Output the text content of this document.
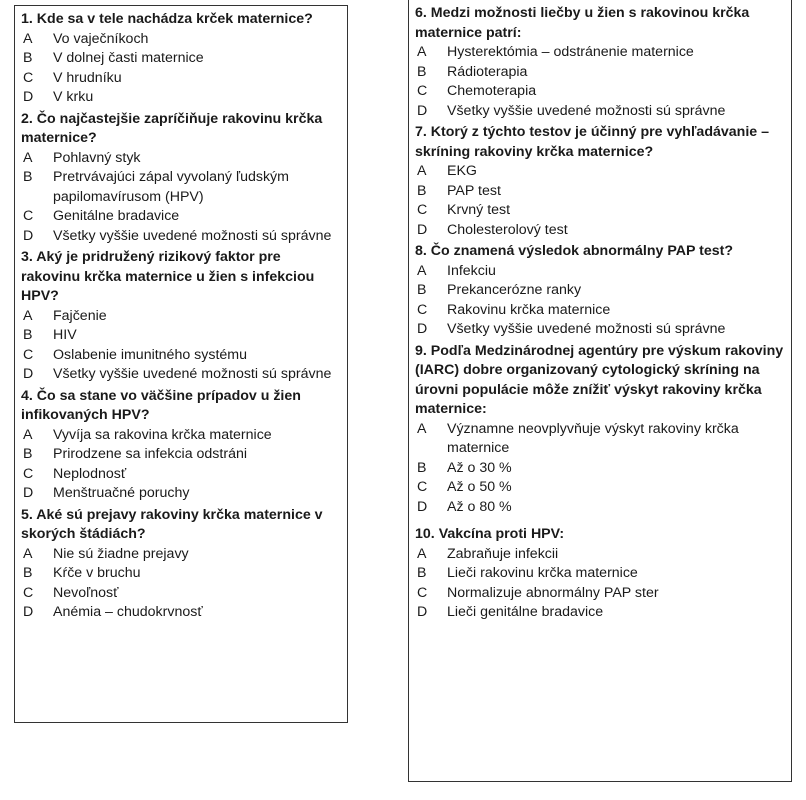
1. Kde sa v tele nachádza krček maternice?

A	Vo vaječníkoch
B	V dolnej časti maternice
C	V hrudníku
D	V krku

2. Čo najčastejšie zapríčiňuje rakovinu krčka maternice?

A	Pohlavný styk
B	Pretrvávajúci zápal vyvolaný ľudským papilomavírusom (HPV)
C	Genitálne bradavice
D	Všetky vyššie uvedené možnosti sú správne

3. Aký je pridružený rizikový faktor pre rakovinu krčka maternice u žien s infekciou HPV?

A	Fajčenie
B	HIV
C	Oslabenie imunitného systému
D	Všetky vyššie uvedené možnosti sú správne

4. Čo sa stane vo väčšine prípadov u žien infikovaných HPV?

A	Vyvíja sa rakovina krčka maternice
B	Prirodzene sa infekcia odstráni
C	Neplodnosť
D	Menštruačné poruchy

5. Aké sú prejavy rakoviny krčka maternice v skorých štádiách?

A	Nie sú žiadne prejavy
B	Kŕče v bruchu
C	Nevoľnosť
D	Anémia – chudokrvnosť

6. Medzi možnosti liečby u žien s rakovinou krčka maternice patrí:

A	Hysterektómia – odstránenie maternice
B	Rádioterapia
C	Chemoterapia
D	Všetky vyššie uvedené možnosti sú správne

7. Ktorý z týchto testov je účinný pre vyhľadávanie – skríning rakoviny krčka maternice?

A	EKG
B	PAP test
C	Krvný test
D	Cholesterolový test

8. Čo znamená výsledok abnormálny PAP test?

A	Infekciu
B	Prekancerózne ranky
C	Rakovinu krčka maternice
D	Všetky vyššie uvedené možnosti sú správne

9. Podľa Medzinárodnej agentúry pre výskum rakoviny (IARC) dobre organizovaný cytologický skríning na úrovni populácie môže znížiť výskyt rakoviny krčka maternice:

A	Významne neovplyvňuje výskyt rakoviny krčka maternice
B	Až o 30 %
C	Až o 50 %
D	Až o 80 %

10. Vakcína proti HPV:

A	Zabraňuje infekcii
B	Lieči rakovinu krčka maternice
C	Normalizuje abnormálny PAP ster
D	Lieči genitálne bradavice
